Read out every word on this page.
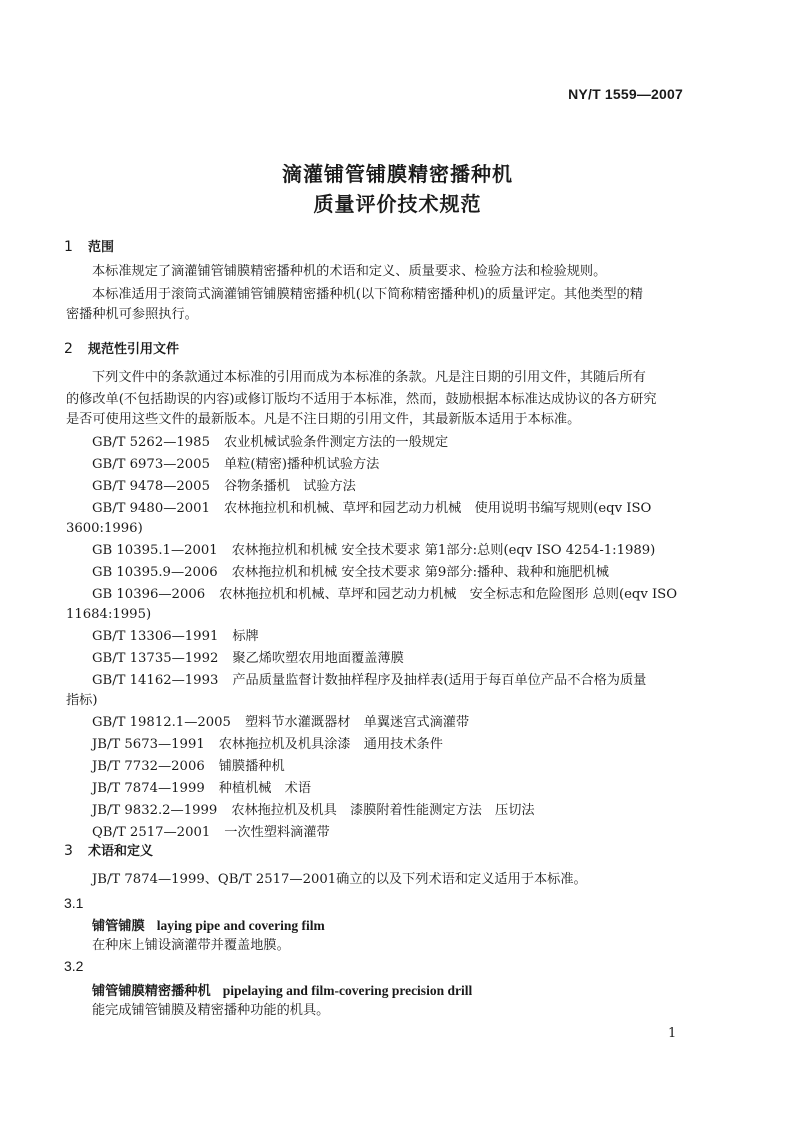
NY/T 1559—2007
滴灌铺管铺膜精密播种机
质量评价技术规范
1 范围
本标准规定了滴灌铺管铺膜精密播种机的术语和定义、质量要求、检验方法和检验规则。
本标准适用于滚筒式滴灌铺管铺膜精密播种机(以下简称精密播种机)的质量评定。其他类型的精
密播种机可参照执行。
2 规范性引用文件
下列文件中的条款通过本标准的引用而成为本标准的条款。凡是注日期的引用文件，其随后所有
的修改单(不包括勘误的内容)或修订版均不适用于本标准，然而，鼓励根据本标准达成协议的各方研究
是否可使用这些文件的最新版本。凡是不注日期的引用文件，其最新版本适用于本标准。
GB/T 5262—1985 农业机械试验条件测定方法的一般规定
GB/T 6973—2005 单粒(精密)播种机试验方法
GB/T 9478—2005 谷物条播机　试验方法
GB/T 9480—2001 农林拖拉机和机械、草坪和园艺动力机械　使用说明书编写规则(eqv ISO
3600:1996)
GB 10395.1—2001 农林拖拉机和机械 安全技术要求 第1部分:总则(eqv ISO 4254-1:1989)
GB 10395.9—2006 农林拖拉机和机械 安全技术要求 第9部分:播种、栽种和施肥机械
GB 10396—2006 农林拖拉机和机械、草坪和园艺动力机械　安全标志和危险图形 总则(eqv ISO
11684:1995)
GB/T 13306—1991 标牌
GB/T 13735—1992 聚乙烯吹塑农用地面覆盖薄膜
GB/T 14162—1993 产品质量监督计数抽样程序及抽样表(适用于每百单位产品不合格为质量
指标)
GB/T 19812.1—2005 塑料节水灌溉器材　单翼迷宫式滴灌带
JB/T 5673—1991 农林拖拉机及机具涂漆　通用技术条件
JB/T 7732—2006 铺膜播种机
JB/T 7874—1999 种植机械　术语
JB/T 9832.2—1999 农林拖拉机及机具　漆膜附着性能测定方法　压切法
QB/T 2517—2001 一次性塑料滴灌带
3 术语和定义
JB/T 7874—1999、QB/T 2517—2001确立的以及下列术语和定义适用于本标准。
3.1
铺管铺膜 laying pipe and covering film
在种床上铺设滴灌带并覆盖地膜。
3.2
铺管铺膜精密播种机 pipelaying and film-covering precision drill
能完成铺管铺膜及精密播种功能的机具。
1
